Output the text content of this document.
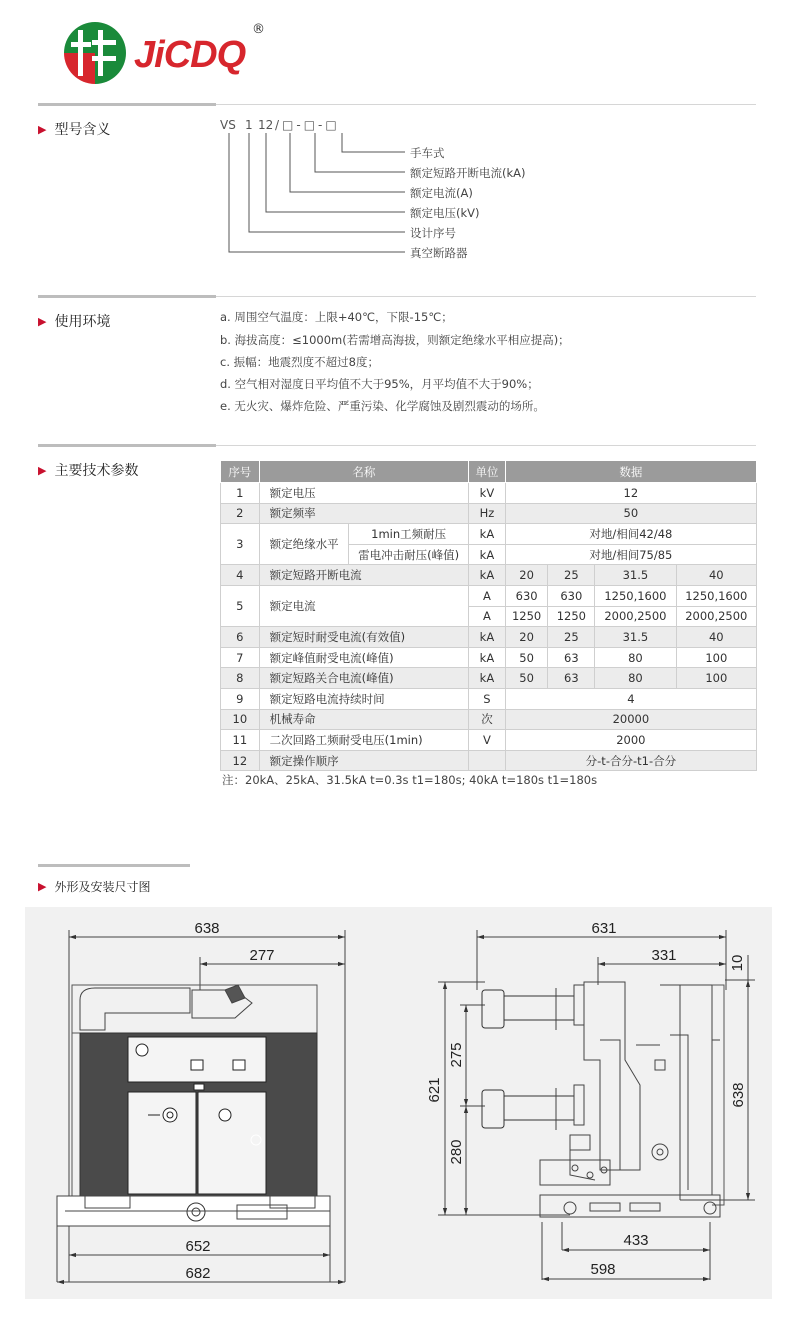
JiCDQ
®
▶ 型号含义	VS 1 12 /□-□-□
手车式
额定短路开断电流(kA)
额定电流(A)
额定电压(kV)
设计序号
真空断路器
▶ 使用环境	a. 周围空气温度：上限+40℃，下限-15℃；
b. 海拔高度：≤1000m(若需增高海拔，则额定绝缘水平相应提高)；
c. 振幅：地震烈度不超过8度；
d. 空气相对湿度日平均值不大于95%，月平均值不大于90%；
e. 无火灾、爆炸危险、严重污染、化学腐蚀及剧烈震动的场所。
▶ 主要技术参数	序号	名称		单位	数据			
1	额定电压		kV	12			
2	额定频率		Hz	50			
3	额定绝缘水平	1min工频耐压	kA	对地/相间42/48			
		雷电冲击耐压(峰值)	kA	对地/相间75/85			
4	额定短路开断电流		kA	20	25	31.5	40
5	额定电流		A	630	630	1250,1600	1250,1600
			A	1250	1250	2000,2500	2000,2500
6	额定短时耐受电流(有效值)		kA	20	25	31.5	40
7	额定峰值耐受电流(峰值)		kA	50	63	80	100
8	额定短路关合电流(峰值)		kA	50	63	80	100
9	额定短路电流持续时间		S	4			
10	机械寿命		次	20000			
11	二次回路工频耐受电压(1min)		V	2000			
12	额定操作顺序			分-t-合分-t1-合分			
注：20kA、25kA、31.5kA t=0.3s t1=180s; 40kA t=180s t1=180s
▶ 外形及安装尺寸图
638
277
652
682
631
331	10
275
280
621	638
433
598
